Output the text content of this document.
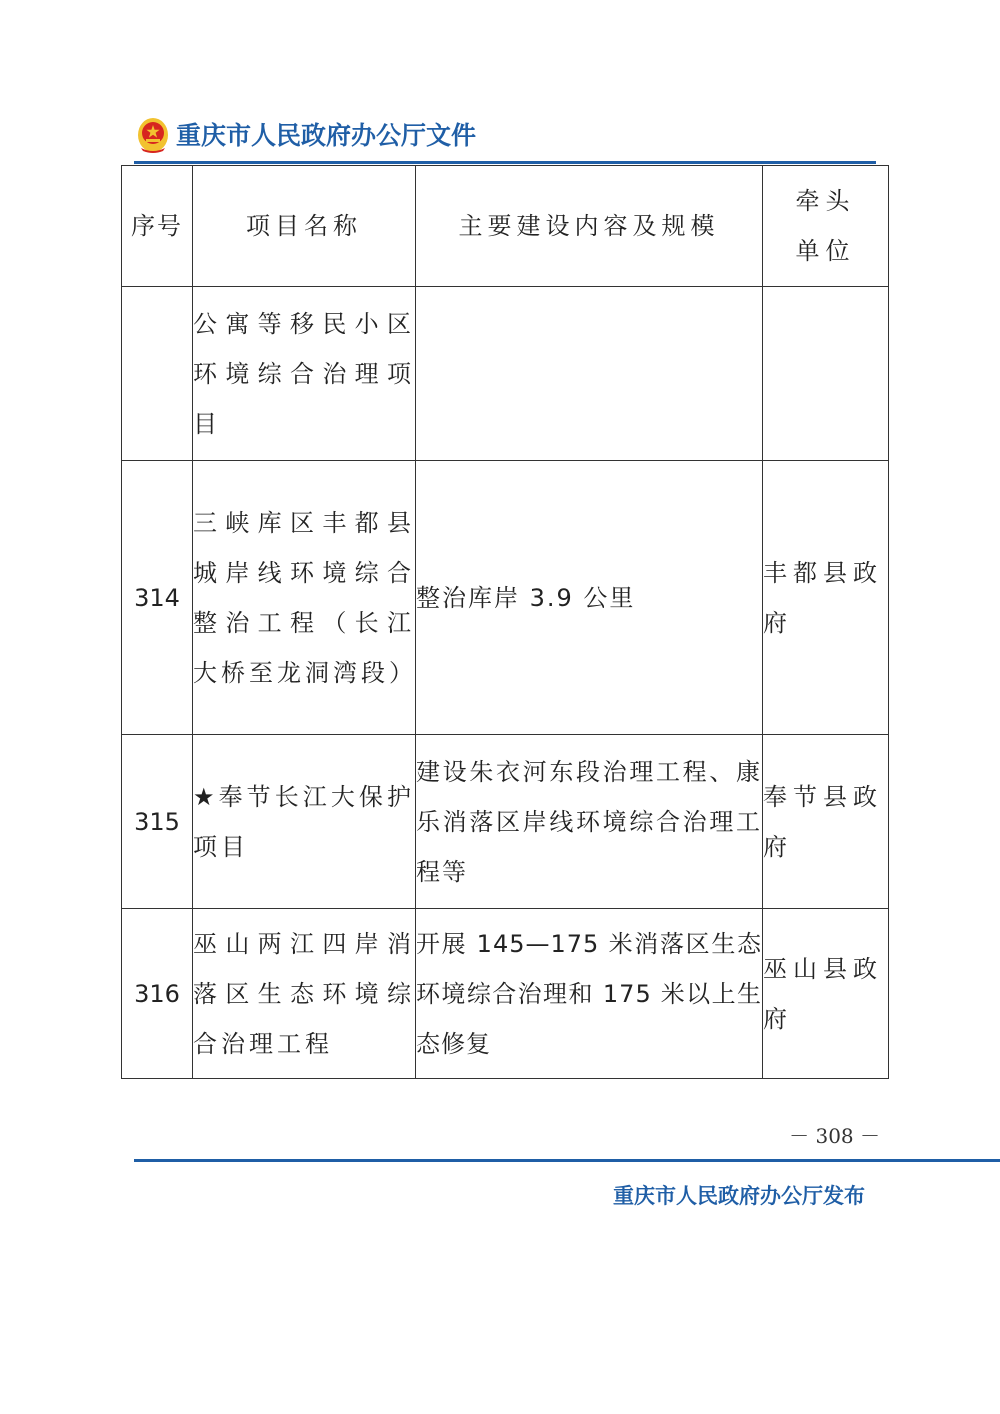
重庆市人民政府办公厅文件
序号	项目名称	主要建设内容及规模	牵头单位
	公寓等移民小区环境综合治理项目		
314	三峡库区丰都县城岸线环境综合整治工程（长江大桥至龙洞湾段）	整治库岸 3.9 公里	丰都县政府
315	★奉节长江大保护项目	建设朱衣河东段治理工程、康乐消落区岸线环境综合治理工程等	奉节县政府
316	巫山两江四岸消落区生态环境综合治理工程	开展 145—175 米消落区生态环境综合治理和 175 米以上生态修复	巫山县政府
－ 308 －
重庆市人民政府办公厅发布
